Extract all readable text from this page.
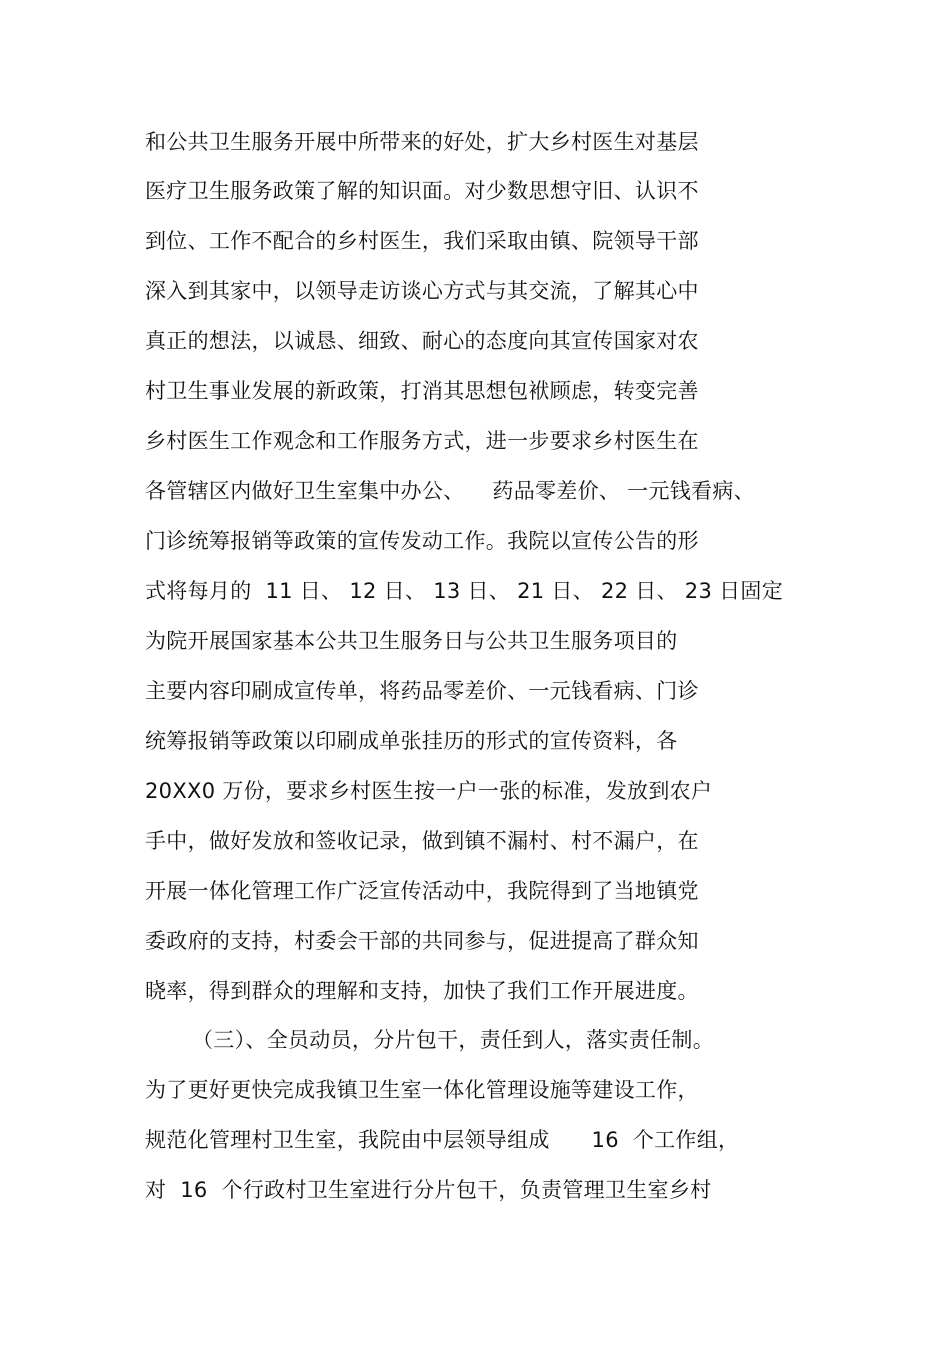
和公共卫生服务开展中所带来的好处，扩大乡村医生对基层
医疗卫生服务政策了解的知识面。对少数思想守旧、认识不
到位、工作不配合的乡村医生，我们采取由镇、院领导干部
深入到其家中，以领导走访谈心方式与其交流，了解其心中
真正的想法，以诚恳、细致、耐心的态度向其宣传国家对农
村卫生事业发展的新政策，打消其思想包袱顾虑，转变完善
乡村医生工作观念和工作服务方式，进一步要求乡村医生在
各管辖区内做好卫生室集中办公、    药品零差价、 一元钱看病、
门诊统筹报销等政策的宣传发动工作。我院以宣传公告的形
式将每月的  11 日、 12 日、 13 日、 21 日、 22 日、 23 日固定
为院开展国家基本公共卫生服务日与公共卫生服务项目的
主要内容印刷成宣传单，将药品零差价、一元钱看病、门诊
统筹报销等政策以印刷成单张挂历的形式的宣传资料，各
20XX0 万份，要求乡村医生按一户一张的标准，发放到农户
手中，做好发放和签收记录，做到镇不漏村、村不漏户，在
开展一体化管理工作广泛宣传活动中，我院得到了当地镇党
委政府的支持，村委会干部的共同参与，促进提高了群众知
晓率，得到群众的理解和支持，加快了我们工作开展进度。
（三）、全员动员，分片包干，责任到人，落实责任制。
为了更好更快完成我镇卫生室一体化管理设施等建设工作，
规范化管理村卫生室，我院由中层领导组成      16  个工作组，
对  16  个行政村卫生室进行分片包干，负责管理卫生室乡村
